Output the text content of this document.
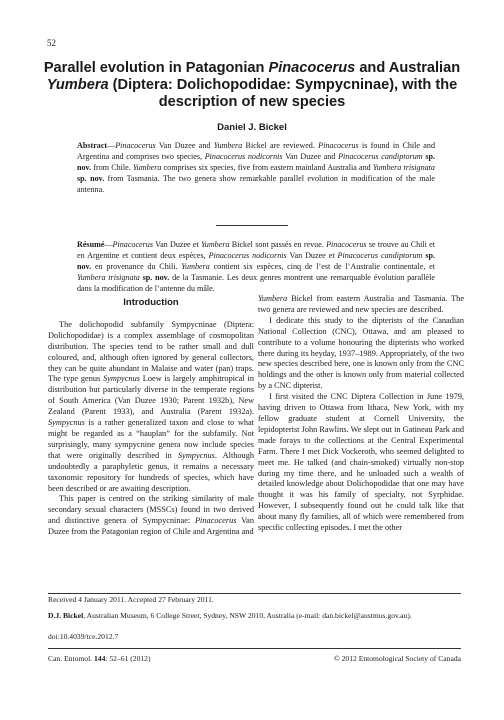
52
Parallel evolution in Patagonian Pinacocerus and Australian Yumbera (Diptera: Dolichopodidae: Sympycninae), with the description of new species
Daniel J. Bickel

Abstract—Pinacocerus Van Duzee and Yumbera Bickel are reviewed. Pinacocerus is found in Chile and Argentina and comprises two species, Pinacocerus nodicornis Van Duzee and Pinacocerus candiptorum sp. nov. from Chile. Yumbera comprises six species, five from eastern mainland Australia and Yumbera trisignata sp. nov. from Tasmania. The two genera show remarkable parallel evolution in modification of the male antenna.

Résumé—Pinacocerus Van Duzee et Yumbera Bickel sont passés en revue. Pinacocerus se trouve au Chili et en Argentine et contient deux espèces, Pinacocerus nodicornis Van Duzee et Pinacocerus candiptorum sp. nov. en provenance du Chili. Yumbera contient six espèces, cinq de l’est de l’Australie continentale, et Yumbera trisignata sp. nov. de la Tasmanie. Les deux genres montrent une remarquable évolution parallèle dans la modification de l’antenne du mâle.

Introduction

The dolichopodid subfamily Sympycninae (Diptera: Dolichopodidae) is a complex assemblage of cosmopolitan distribution. The species tend to be rather small and dull coloured, and, although often ignored by general collectors, they can be quite abundant in Malaise and water (pan) traps. The type genus Sympycnus Loew is largely amphitropical in distribution but particularly diverse in the temperate regions of South America (Van Duzee 1930; Parent 1932b), New Zealand (Parent 1933), and Australia (Parent 1932a). Sympycnus is a rather generalized taxon and close to what might be regarded as a “hauplan” for the subfamily. Not surprisingly, many sympycnine genera now include species that were originally described in Sympycnus. Although undoubtedly a paraphyletic genus, it remains a necessary taxonomic repository for hundreds of species, which have been described or are awaiting description.

This paper is centred on the striking similarity of male secondary sexual characters (MSSCs) found in two derived and distinctive genera of Sympycninae: Pinacocerus Van Duzee from the Patagonian region of Chile and Argentina and

Yumbera Bickel from eastern Australia and Tasmania. The two genera are reviewed and new species are described.

I dedicate this study to the dipterists of the Canadian National Collection (CNC), Ottawa, and am pleased to contribute to a volume honouring the dipterists who worked there during its heyday, 1937–1989. Appropriately, of the two new species described here, one is known only from the CNC holdings and the other is known only from material collected by a CNC dipterist.

I first visited the CNC Diptera Collection in June 1979, having driven to Ottawa from Ithaca, New York, with my fellow graduate student at Cornell University, the lepidopterist John Rawlins. We slept out in Gatineau Park and made forays to the collections at the Central Experimental Farm. There I met Dick Vockeroth, who seemed delighted to meet me. He talked (and chain-smoked) virtually non-stop during my time there, and he unloaded such a wealth of detailed knowledge about Dolichopodidae that one may have thought it was his family of specialty, not Syrphidae. However, I subsequently found out he could talk like that about many fly families, all of which were remembered from specific collecting episodes. I met the other

Received 4 January 2011. Accepted 27 February 2011.

D.J. Bickel, Australian Museum, 6 College Street, Sydney, NSW 2010, Australia (e-mail: dan.bickel@austmus.gov.au).

doi:10.4039/tce.2012.7

Can. Entomol. 144: 52–61 (2012)	© 2012 Entomological Society of Canada
